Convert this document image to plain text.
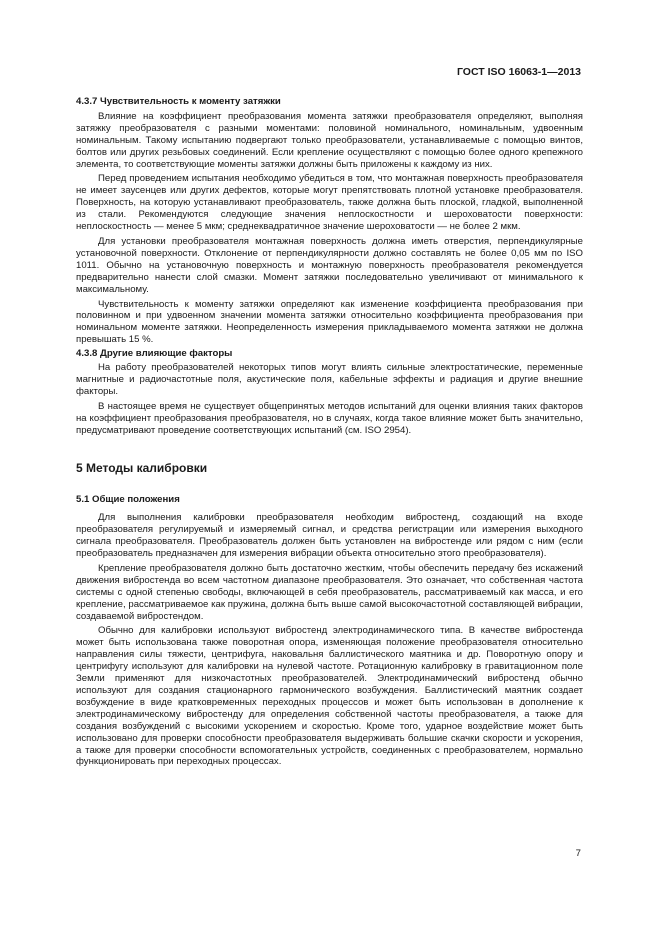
ГОСТ ISO 16063-1—2013
4.3.7 Чувствительность к моменту затяжки

Влияние на коэффициент преобразования момента затяжки преобразователя определяют, выполняя затяжку преобразователя с разными моментами: половиной номинального, номинальным, удвоенным номинальным. Такому испытанию подвергают только преобразователи, устанавливаемые с помощью винтов, болтов или других резьбовых соединений. Если крепление осуществляют с помощью более одного крепежного элемента, то соответствующие моменты затяжки должны быть приложены к каждому из них.

Перед проведением испытания необходимо убедиться в том, что монтажная поверхность преобразователя не имеет заусенцев или других дефектов, которые могут препятствовать плотной установке преобразователя. Поверхность, на которую устанавливают преобразователь, также должна быть плоской, гладкой, выполненной из стали. Рекомендуются следующие значения неплоскостности и шероховатости поверхности: неплоскостность — менее 5 мкм; среднеквадратичное значение шероховатости — не более 2 мкм.

Для установки преобразователя монтажная поверхность должна иметь отверстия, перпендикулярные установочной поверхности. Отклонение от перпендикулярности должно составлять не более 0,05 мм по ISO 1011. Обычно на установочную поверхность и монтажную поверхность преобразователя рекомендуется предварительно нанести слой смазки. Момент затяжки последовательно увеличивают от минимального к максимальному.

Чувствительность к моменту затяжки определяют как изменение коэффициента преобразования при половинном и при удвоенном значении момента затяжки относительно коэффициента преобразования при номинальном моменте затяжки. Неопределенность измерения прикладываемого момента затяжки не должна превышать 15 %.

4.3.8 Другие влияющие факторы

На работу преобразователей некоторых типов могут влиять сильные электростатические, переменные магнитные и радиочастотные поля, акустические поля, кабельные эффекты и радиация и другие внешние факторы.

В настоящее время не существует общепринятых методов испытаний для оценки влияния таких факторов на коэффициент преобразования преобразователя, но в случаях, когда такое влияние может быть значительно, предусматривают проведение соответствующих испытаний (см. ISO 2954).

5 Методы калибровки
5.1 Общие положения

Для выполнения калибровки преобразователя необходим вибростенд, создающий на входе преобразователя регулируемый и измеряемый сигнал, и средства регистрации или измерения выходного сигнала преобразователя. Преобразователь должен быть установлен на вибростенде или рядом с ним (если преобразователь предназначен для измерения вибрации объекта относительно этого преобразователя).

Крепление преобразователя должно быть достаточно жестким, чтобы обеспечить передачу без искажений движения вибростенда во всем частотном диапазоне преобразователя. Это означает, что собственная частота системы с одной степенью свободы, включающей в себя преобразователь, рассматриваемый как масса, и его крепление, рассматриваемое как пружина, должна быть выше самой высокочастотной составляющей вибрации, создаваемой вибростендом.

Обычно для калибровки используют вибростенд электродинамического типа. В качестве вибростенда может быть использована также поворотная опора, изменяющая положение преобразователя относительно направления силы тяжести, центрифуга, наковальня баллистического маятника и др. Поворотную опору и центрифугу используют для калибровки на нулевой частоте. Ротационную калибровку в гравитационном поле Земли применяют для низкочастотных преобразователей. Электродинамический вибростенд обычно используют для создания стационарного гармонического возбуждения. Баллистический маятник создает возбуждение в виде кратковременных переходных процессов и может быть использован в дополнение к электродинамическому вибростенду для определения собственной частоты преобразователя, а также для создания возбуждений с высокими ускорением и скоростью. Кроме того, ударное воздействие может быть использовано для проверки способности преобразователя выдерживать большие скачки скорости и ускорения, а также для проверки способности вспомогательных устройств, соединенных с преобразователем, нормально функционировать при переходных процессах.

7
